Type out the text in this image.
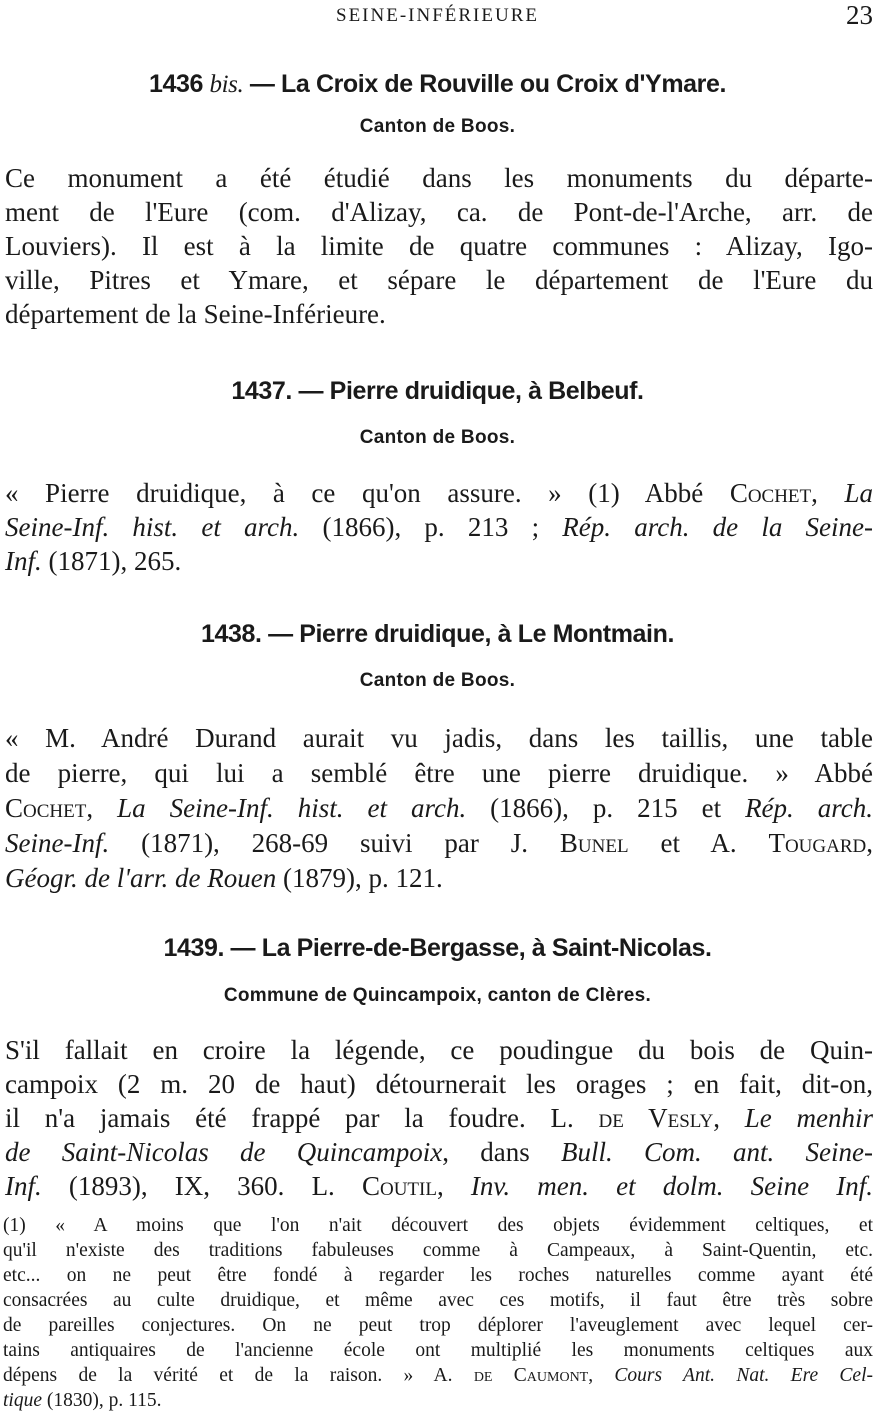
SEINE-INFÉRIEURE	23
1436 bis. — La Croix de Rouville ou Croix d'Ymare.
Canton de Boos.
Ce monument a été étudié dans les monuments du départe-
ment de l'Eure (com. d'Alizay, ca. de Pont-de-l'Arche, arr. de
Louviers). Il est à la limite de quatre communes : Alizay, Igo-
ville, Pitres et Ymare, et sépare le département de l'Eure du
département de la Seine-Inférieure.
1437. — Pierre druidique, à Belbeuf.
Canton de Boos.
« Pierre druidique, à ce qu'on assure. » (1) Abbé Cochet, La
Seine-Inf. hist. et arch. (1866), p. 213 ; Rép. arch. de la Seine-
Inf. (1871), 265.
1438. — Pierre druidique, à Le Montmain.
Canton de Boos.
« M. André Durand aurait vu jadis, dans les taillis, une table
de pierre, qui lui a semblé être une pierre druidique. » Abbé
Cochet, La Seine-Inf. hist. et arch. (1866), p. 215 et Rép. arch.
Seine-Inf. (1871), 268-69 suivi par J. Bunel et A. Tougard,
Géogr. de l'arr. de Rouen (1879), p. 121.
1439. — La Pierre-de-Bergasse, à Saint-Nicolas.
Commune de Quincampoix, canton de Clères.
S'il fallait en croire la légende, ce poudingue du bois de Quin-
campoix (2 m. 20 de haut) détournerait les orages ; en fait, dit-on,
il n'a jamais été frappé par la foudre. L. de Vesly, Le menhir
de Saint-Nicolas de Quincampoix, dans Bull. Com. ant. Seine-
Inf. (1893), IX, 360. L. Coutil, Inv. men. et dolm. Seine Inf.
(1) « A moins que l'on n'ait découvert des objets évidemment celtiques, et
qu'il n'existe des traditions fabuleuses comme à Campeaux, à Saint-Quentin, etc.
etc... on ne peut être fondé à regarder les roches naturelles comme ayant été
consacrées au culte druidique, et même avec ces motifs, il faut être très sobre
de pareilles conjectures. On ne peut trop déplorer l'aveuglement avec lequel cer-
tains antiquaires de l'ancienne école ont multiplié les monuments celtiques aux
dépens de la vérité et de la raison. » A. de Caumont, Cours Ant. Nat. Ere Cel-
tique (1830), p. 115.
